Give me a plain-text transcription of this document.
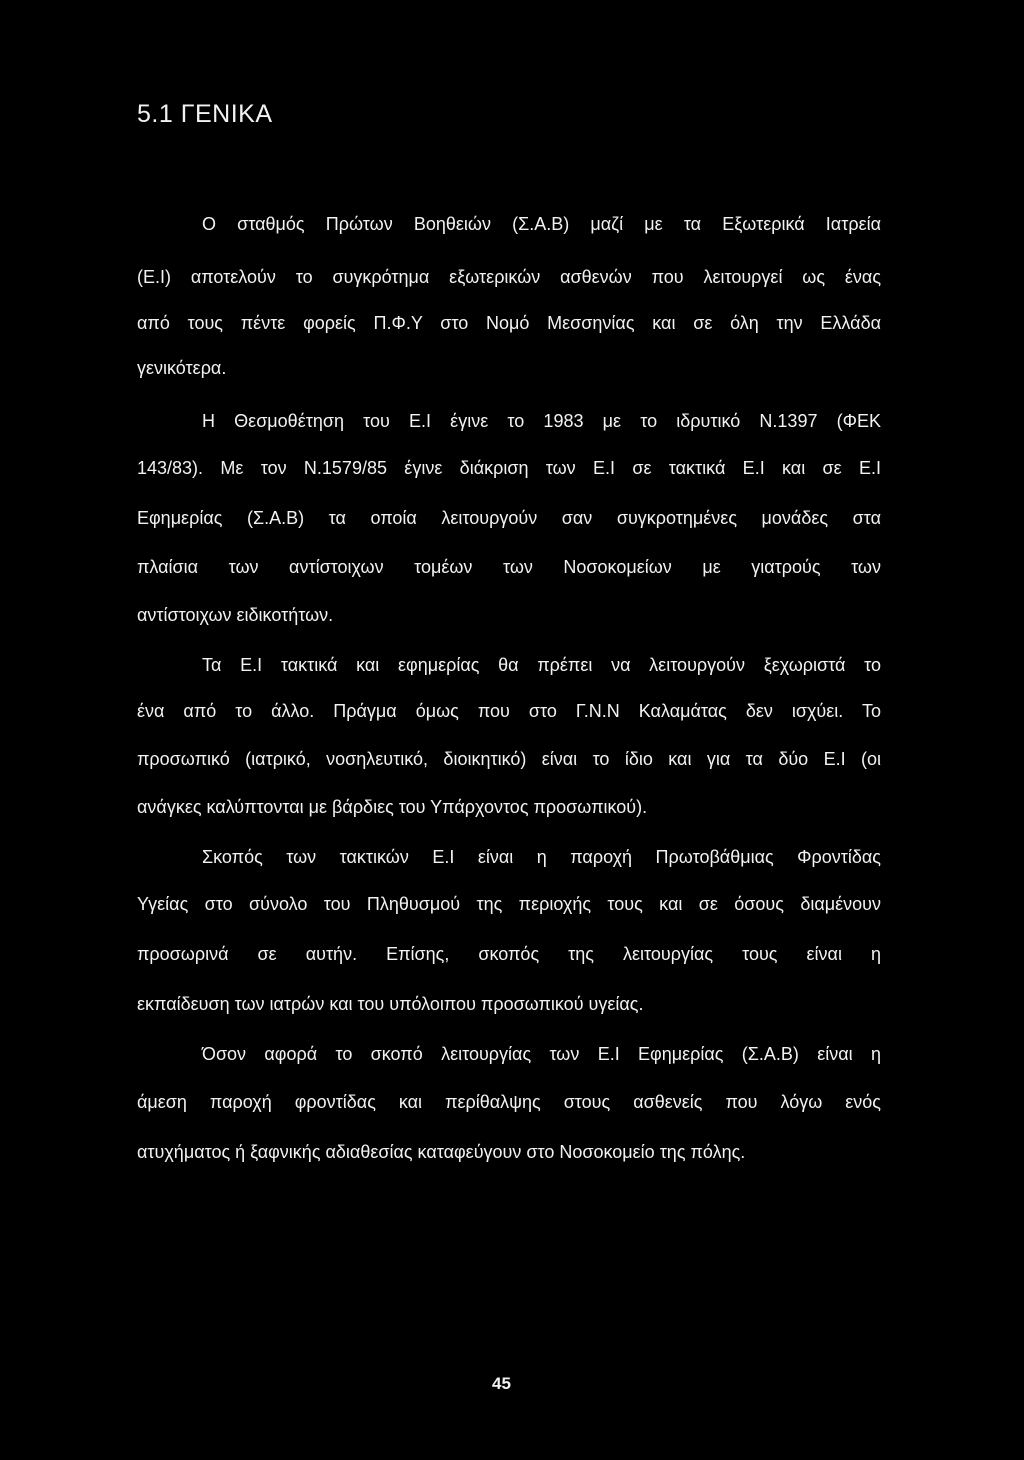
5.1 ΓΕΝΙΚΑ
Ο σταθμός Πρώτων Βοηθειών (Σ.Α.Β) μαζί με τα Εξωτερικά Ιατρεία
(Ε.Ι) αποτελούν το συγκρότημα εξωτερικών ασθενών που λειτουργεί ως ένας
από τους πέντε φορείς Π.Φ.Υ στο Νομό Μεσσηνίας και σε όλη την Ελλάδα
γενικότερα.
Η Θεσμοθέτηση του Ε.Ι έγινε το 1983 με το ιδρυτικό Ν.1397 (ΦΕΚ
143/83). Με τον Ν.1579/85 έγινε διάκριση των Ε.Ι σε τακτικά Ε.Ι και σε Ε.Ι
Εφημερίας (Σ.Α.Β) τα οποία λειτουργούν σαν συγκροτημένες μονάδες στα
πλαίσια των αντίστοιχων τομέων των Νοσοκομείων με γιατρούς των
αντίστοιχων ειδικοτήτων.
Τα Ε.Ι τακτικά και εφημερίας θα πρέπει να λειτουργούν ξεχωριστά το
ένα από το άλλο. Πράγμα όμως που στο Γ.Ν.Ν Καλαμάτας δεν ισχύει. Το
προσωπικό (ιατρικό, νοσηλευτικό, διοικητικό) είναι το ίδιο και για τα δύο Ε.Ι (οι
ανάγκες καλύπτονται με βάρδιες του Υπάρχοντος προσωπικού).
Σκοπός των τακτικών Ε.Ι είναι η παροχή Πρωτοβάθμιας Φροντίδας
Υγείας στο σύνολο του Πληθυσμού της περιοχής τους και σε όσους διαμένουν
προσωρινά σε αυτήν. Επίσης, σκοπός της λειτουργίας τους είναι η
εκπαίδευση των ιατρών και του υπόλοιπου προσωπικού υγείας.
Όσον αφορά το σκοπό λειτουργίας των Ε.Ι Εφημερίας (Σ.Α.Β) είναι η
άμεση παροχή φροντίδας και περίθαλψης στους ασθενείς που λόγω ενός
ατυχήματος ή ξαφνικής αδιαθεσίας καταφεύγουν στο Νοσοκομείο της πόλης.
45
